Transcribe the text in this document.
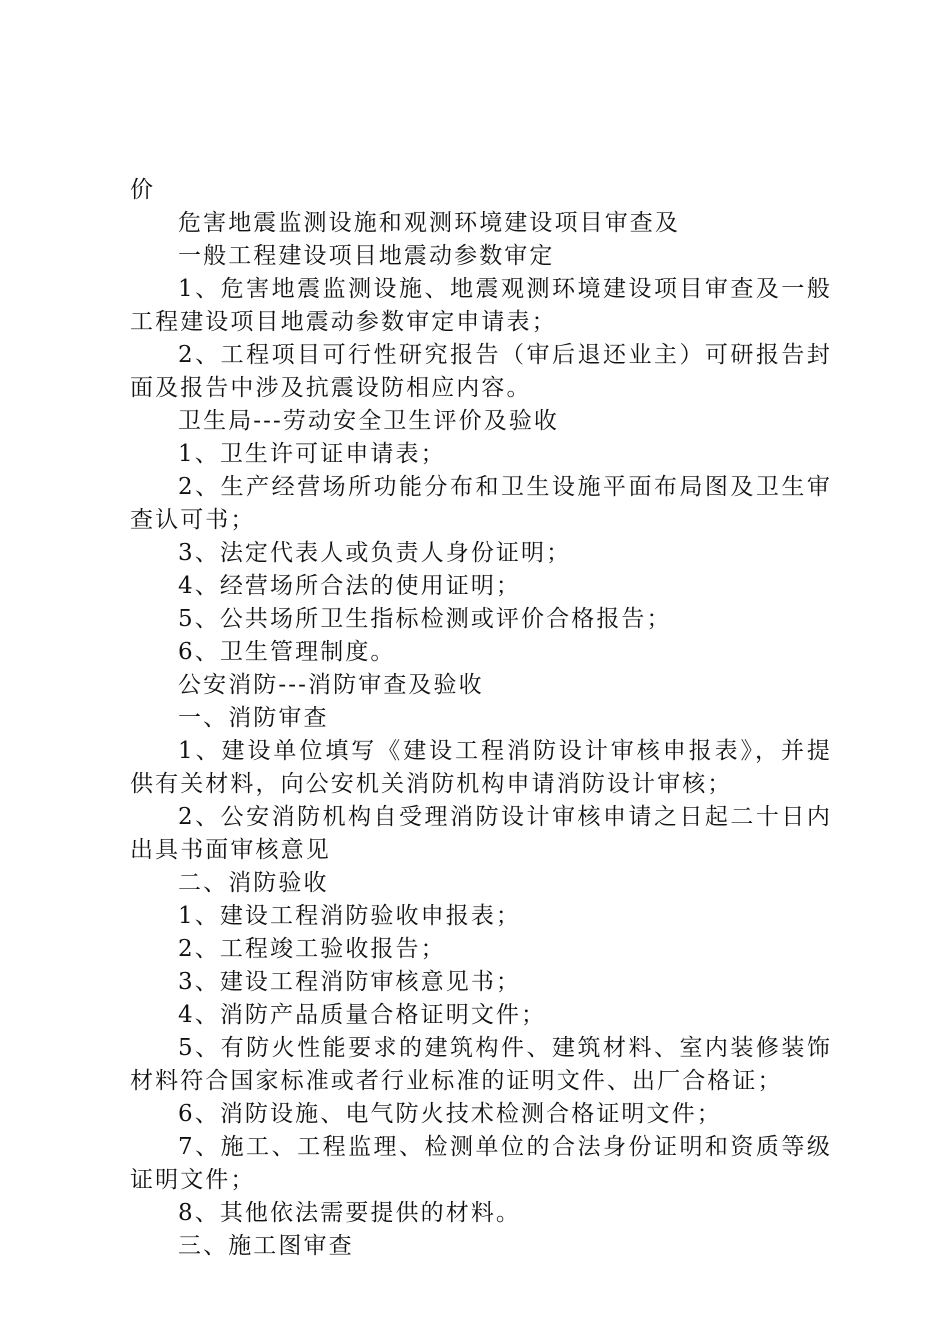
价

危害地震监测设施和观测环境建设项目审查及

一般工程建设项目地震动参数审定

1、危害地震监测设施、地震观测环境建设项目审查及一般工程建设项目地震动参数审定申请表；

2、工程项目可行性研究报告（审后退还业主）可研报告封面及报告中涉及抗震设防相应内容。

卫生局---劳动安全卫生评价及验收

1、卫生许可证申请表；

2、生产经营场所功能分布和卫生设施平面布局图及卫生审查认可书；

3、法定代表人或负责人身份证明；

4、经营场所合法的使用证明；

5、公共场所卫生指标检测或评价合格报告；

6、卫生管理制度。

公安消防---消防审查及验收

一、消防审查

1、建设单位填写《建设工程消防设计审核申报表》，并提供有关材料，向公安机关消防机构申请消防设计审核；

2、公安消防机构自受理消防设计审核申请之日起二十日内出具书面审核意见

二、消防验收

1、建设工程消防验收申报表；

2、工程竣工验收报告；

3、建设工程消防审核意见书；

4、消防产品质量合格证明文件；

5、有防火性能要求的建筑构件、建筑材料、室内装修装饰材料符合国家标准或者行业标准的证明文件、出厂合格证；

6、消防设施、电气防火技术检测合格证明文件；

7、施工、工程监理、检测单位的合法身份证明和资质等级证明文件；

8、其他依法需要提供的材料。

三、施工图审查
